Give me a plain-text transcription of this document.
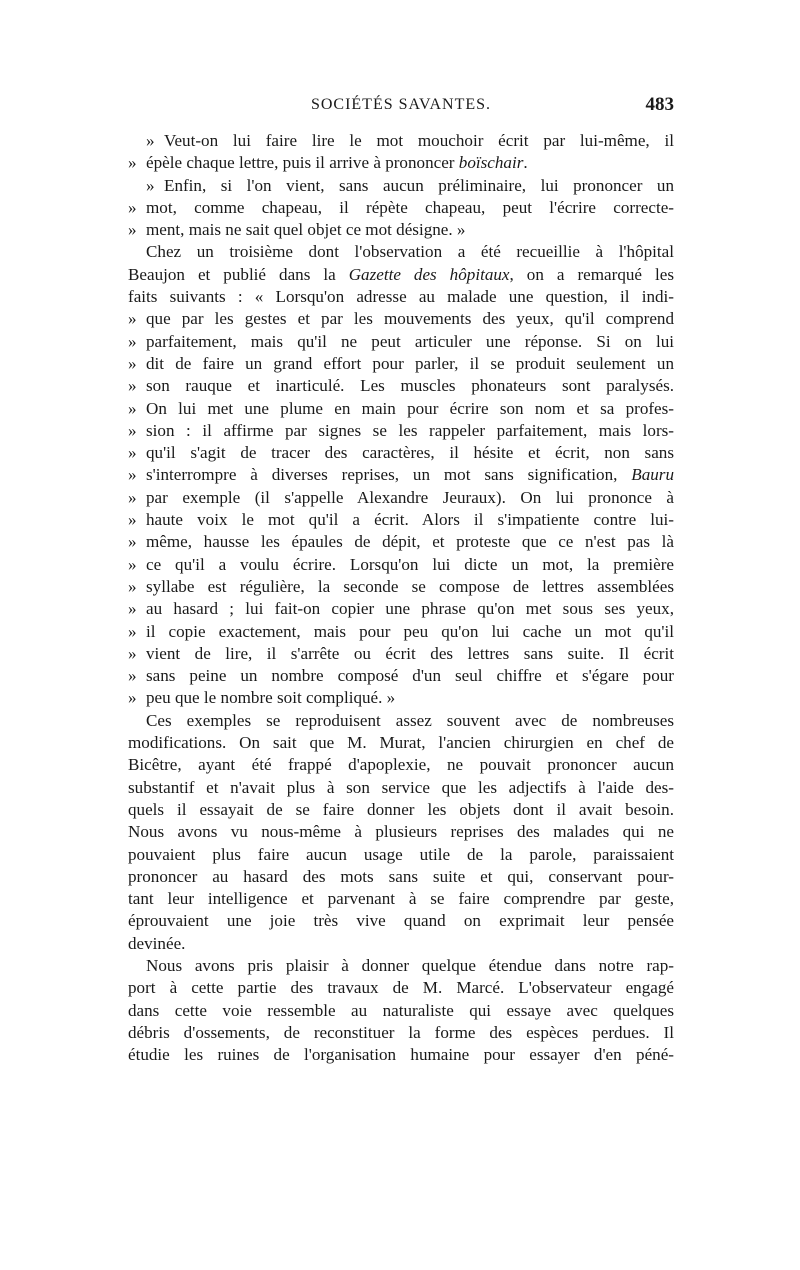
SOCIÉTÉS SAVANTES.	483

» Veut-on lui faire lire le mot mouchoir écrit par lui-même, il
» épèle chaque lettre, puis il arrive à prononcer boïschair.

» Enfin, si l'on vient, sans aucun préliminaire, lui prononcer un
» mot, comme chapeau, il répète chapeau, peut l'écrire correcte-
» ment, mais ne sait quel objet ce mot désigne. »

Chez un troisième dont l'observation a été recueillie à l'hôpital
Beaujon et publié dans la Gazette des hôpitaux, on a remarqué les
faits suivants : « Lorsqu'on adresse au malade une question, il indi-
» que par les gestes et par les mouvements des yeux, qu'il comprend
» parfaitement, mais qu'il ne peut articuler une réponse. Si on lui
» dit de faire un grand effort pour parler, il se produit seulement un
» son rauque et inarticulé. Les muscles phonateurs sont paralysés.
» On lui met une plume en main pour écrire son nom et sa profes-
» sion : il affirme par signes se les rappeler parfaitement, mais lors-
» qu'il s'agit de tracer des caractères, il hésite et écrit, non sans
» s'interrompre à diverses reprises, un mot sans signification, Bauru
» par exemple (il s'appelle Alexandre Jeuraux). On lui prononce à
» haute voix le mot qu'il a écrit. Alors il s'impatiente contre lui-
» même, hausse les épaules de dépit, et proteste que ce n'est pas là
» ce qu'il a voulu écrire. Lorsqu'on lui dicte un mot, la première
» syllabe est régulière, la seconde se compose de lettres assemblées
» au hasard ; lui fait-on copier une phrase qu'on met sous ses yeux,
» il copie exactement, mais pour peu qu'on lui cache un mot qu'il
» vient de lire, il s'arrête ou écrit des lettres sans suite. Il écrit
» sans peine un nombre composé d'un seul chiffre et s'égare pour
» peu que le nombre soit compliqué. »

Ces exemples se reproduisent assez souvent avec de nombreuses
modifications. On sait que M. Murat, l'ancien chirurgien en chef de
Bicêtre, ayant été frappé d'apoplexie, ne pouvait prononcer aucun
substantif et n'avait plus à son service que les adjectifs à l'aide des-
quels il essayait de se faire donner les objets dont il avait besoin.
Nous avons vu nous-même à plusieurs reprises des malades qui ne
pouvaient plus faire aucun usage utile de la parole, paraissaient
prononcer au hasard des mots sans suite et qui, conservant pour-
tant leur intelligence et parvenant à se faire comprendre par geste,
éprouvaient une joie très vive quand on exprimait leur pensée
devinée.

Nous avons pris plaisir à donner quelque étendue dans notre rap-
port à cette partie des travaux de M. Marcé. L'observateur engagé
dans cette voie ressemble au naturaliste qui essaye avec quelques
débris d'ossements, de reconstituer la forme des espèces perdues. Il
étudie les ruines de l'organisation humaine pour essayer d'en péné-
